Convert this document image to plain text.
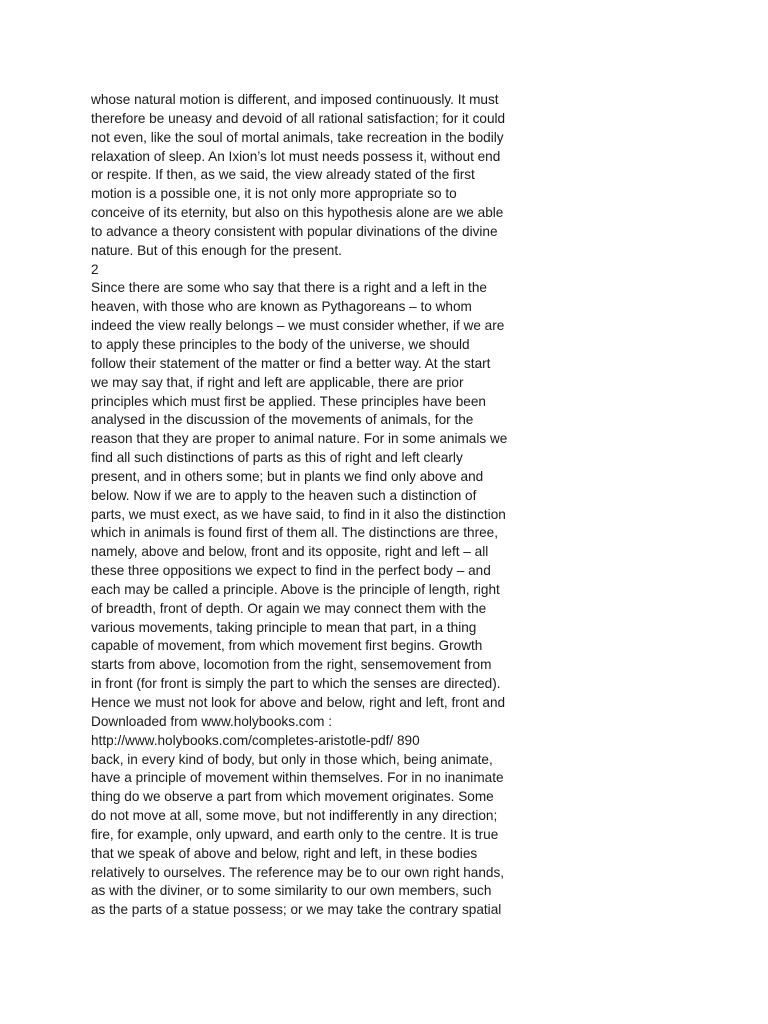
whose natural motion is different, and imposed continuously. It must
therefore be uneasy and devoid of all rational satisfaction; for it could
not even, like the soul of mortal animals, take recreation in the bodily
relaxation of sleep. An Ixion’s lot must needs possess it, without end
or respite. If then, as we said, the view already stated of the first
motion is a possible one, it is not only more appropriate so to
conceive of its eternity, but also on this hypothesis alone are we able
to advance a theory consistent with popular divinations of the divine
nature. But of this enough for the present.
2
Since there are some who say that there is a right and a left in the
heaven, with those who are known as Pythagoreans – to whom
indeed the view really belongs – we must consider whether, if we are
to apply these principles to the body of the universe, we should
follow their statement of the matter or find a better way. At the start
we may say that, if right and left are applicable, there are prior
principles which must first be applied. These principles have been
analysed in the discussion of the movements of animals, for the
reason that they are proper to animal nature. For in some animals we
find all such distinctions of parts as this of right and left clearly
present, and in others some; but in plants we find only above and
below. Now if we are to apply to the heaven such a distinction of
parts, we must exect, as we have said, to find in it also the distinction
which in animals is found first of them all. The distinctions are three,
namely, above and below, front and its opposite, right and left – all
these three oppositions we expect to find in the perfect body – and
each may be called a principle. Above is the principle of length, right
of breadth, front of depth. Or again we may connect them with the
various movements, taking principle to mean that part, in a thing
capable of movement, from which movement first begins. Growth
starts from above, locomotion from the right, sensemovement from
in front (for front is simply the part to which the senses are directed).
Hence we must not look for above and below, right and left, front and
Downloaded from www.holybooks.com :
http://www.holybooks.com/completes-aristotle-pdf/ 890
back, in every kind of body, but only in those which, being animate,
have a principle of movement within themselves. For in no inanimate
thing do we observe a part from which movement originates. Some
do not move at all, some move, but not indifferently in any direction;
fire, for example, only upward, and earth only to the centre. It is true
that we speak of above and below, right and left, in these bodies
relatively to ourselves. The reference may be to our own right hands,
as with the diviner, or to some similarity to our own members, such
as the parts of a statue possess; or we may take the contrary spatial
